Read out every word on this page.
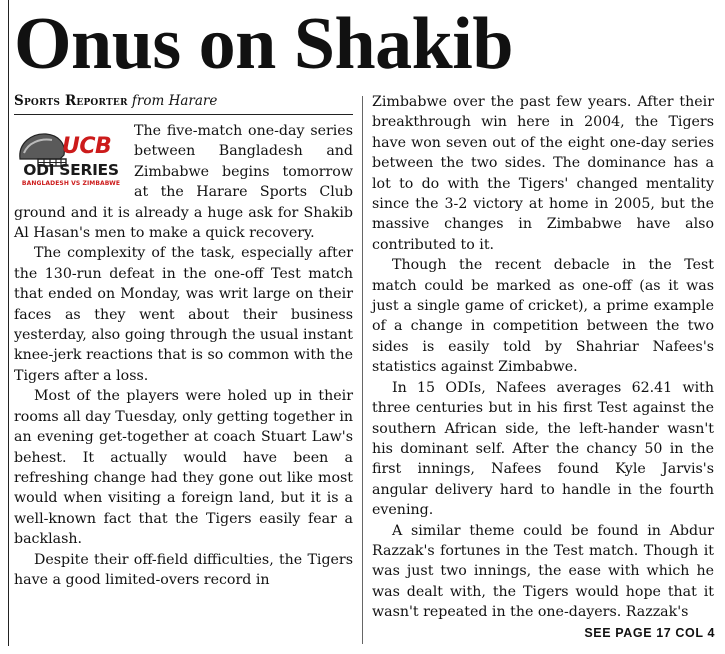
Onus on Shakib
Sports Reporter from Harare
UCB
ODI SERIES
BANGLADESH VS ZIMBABWE

The five-match one-day series between Bangladesh and Zimbabwe begins tomorrow at the Harare Sports Club ground and it is already a huge ask for Shakib Al Hasan's men to make a quick recovery.

The complexity of the task, especially after the 130-run defeat in the one-off Test match that ended on Monday, was writ large on their faces as they went about their business yesterday, also going through the usual instant knee-jerk reactions that is so common with the Tigers after a loss.

Most of the players were holed up in their rooms all day Tuesday, only getting together in an evening get-together at coach Stuart Law's behest. It actually would have been a refreshing change had they gone out like most would when visiting a foreign land, but it is a well-known fact that the Tigers easily fear a backlash.

Despite their off-field difficulties, the Tigers have a good limited-overs record in

Zimbabwe over the past few years. After their breakthrough win here in 2004, the Tigers have won seven out of the eight one-day series between the two sides. The dominance has a lot to do with the Tigers' changed mentality since the 3-2 victory at home in 2005, but the massive changes in Zimbabwe have also contributed to it.

Though the recent debacle in the Test match could be marked as one-off (as it was just a single game of cricket), a prime example of a change in competition between the two sides is easily told by Shahriar Nafees's statistics against Zimbabwe.

In 15 ODIs, Nafees averages 62.41 with three centuries but in his first Test against the southern African side, the left-hander wasn't his dominant self. After the chancy 50 in the first innings, Nafees found Kyle Jarvis's angular delivery hard to handle in the fourth evening.

A similar theme could be found in Abdur Razzak's fortunes in the Test match. Though it was just two innings, the ease with which he was dealt with, the Tigers would hope that it wasn't repeated in the one-dayers. Razzak's

SEE PAGE 17 COL 4
